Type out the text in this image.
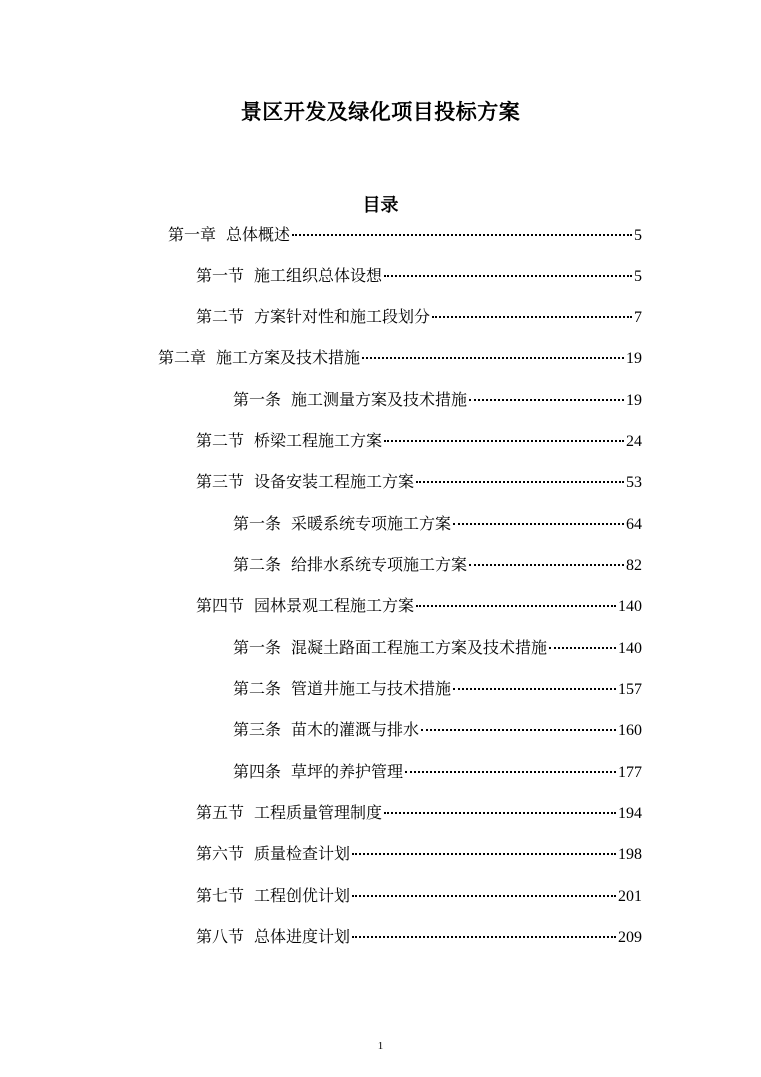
景区开发及绿化项目投标方案
目录
第一章 总体概述	5
第一节 施工组织总体设想	5
第二节 方案针对性和施工段划分	7
第二章 施工方案及技术措施	19
第一条 施工测量方案及技术措施	19
第二节 桥梁工程施工方案	24
第三节 设备安装工程施工方案	53
第一条 采暖系统专项施工方案	64
第二条 给排水系统专项施工方案	82
第四节 园林景观工程施工方案	140
第一条 混凝土路面工程施工方案及技术措施	140
第二条 管道井施工与技术措施	157
第三条 苗木的灌溉与排水	160
第四条 草坪的养护管理	177
第五节 工程质量管理制度	194
第六节 质量检查计划	198
第七节 工程创优计划	201
第八节 总体进度计划	209
1
